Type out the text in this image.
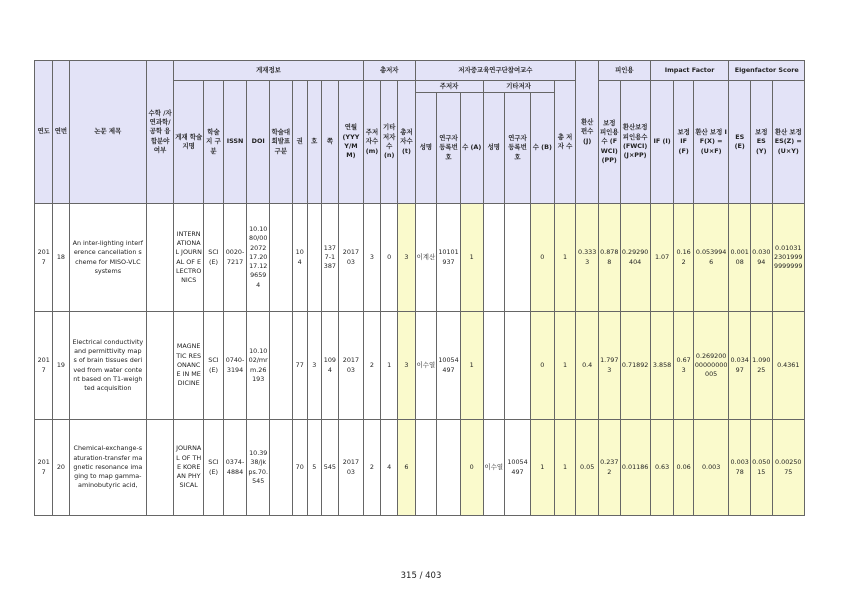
연도	연번	논문 제목	수학 /자연과학/공학 융합분야 여부	게재정보									총저자			저자중교육연구단참여교수							환산 편수 (J)	피인용		Impact Factor			Eigenfactor Score		
				게재 학술지명	학술지 구분	ISSN	DOI	학술대회발표 구분	권	호	쪽	연월 (YYYY/MM)	주저자수 (m)	기타저자수 (n)	총저자수 (t)	주저자			기타저자			총 저자 수		보정 피인용수 (FWCI) (PP)	환산보정피인용수 (FWCI) (J×PP)	IF (I)	보정 IF (F)	환산 보정 IF(X) = (U×F)	ES (E)	보정 ES (Y)	환산 보정 ES(Z) =(U×Y)
																성명	연구자 등록번호	수 (A)	성명	연구자 등록번호	수 (B)										
2017	18	An inter-lighting interference cancellation scheme for MISO-VLC systems		INTERNATIONAL JOURNAL OF ELECTRONICS	SCI(E)	0020-7217	10.1080/00207217.2017.1296594		104		1377-1387	2017 03	3	0	3	이계산	10101937	1			0	1	0.3333	0.8788	0.29290404	1.07	0.162	0.0539946	0.00108	0.03094	0.0103123019999999999
2017	19	Electrical conductivity and permittivity maps of brain tissues derived from water content based on T1-weighted acquisition		MAGNETIC RESONANCE IN MEDICINE	SCI(E)	0740-3194	10.1002/mrm.26193		77	3	1094	2017 03	2	1	3	이수열	10054497	1			0	1	0.4	1.7973	0.71892	3.858	0.673	0.26920000000000005	0.03497	1.09025	0.4361
2017	20	Chemical-exchange-saturation-transfer magnetic resonance imaging to map gamma-aminobutyric acid,		JOURNAL OF THE KOREAN PHYSICAL	SCI(E)	0374-4884	10.3938/jkps.70.545		70	5	545	2017 03	2	4	6			0	이수열	10054497	1	1	0.05	0.2372	0.01186	0.63	0.06	0.003	0.00378	0.05015	0.0025075
315 / 403
